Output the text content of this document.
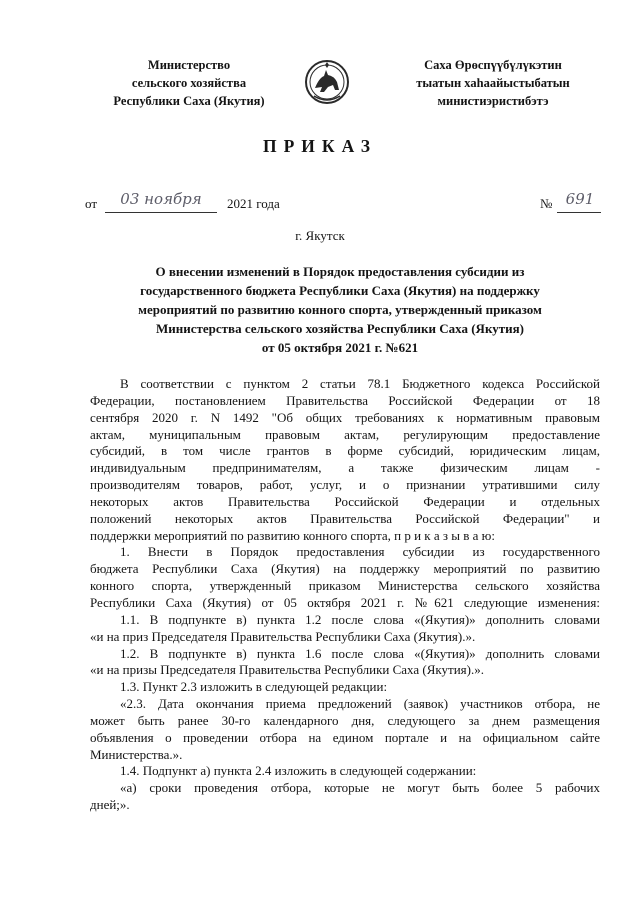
Министерство
сельского хозяйства
Республики Саха (Якутия)
Саха Өрөспүүбүлүкэтин
тыатын хаһаайыстыбатын
министиэристибэтэ
ПРИКАЗ
от	03 ноября	2021 года	№ 691
г. Якутск
О внесении изменений в Порядок предоставления субсидии из
государственного бюджета Республики Саха (Якутия) на поддержку
мероприятий по развитию конного спорта, утвержденный приказом
Министерства сельского хозяйства Республики Саха (Якутия)
от 05 октября 2021 г. №621
В соответствии с пунктом 2 статьи 78.1 Бюджетного кодекса Российской
Федерации, постановлением Правительства Российской Федерации от 18
сентября 2020 г. N 1492 "Об общих требованиях к нормативным правовым
актам, муниципальным правовым актам, регулирующим предоставление
субсидий, в том числе грантов в форме субсидий, юридическим лицам,
индивидуальным предпринимателям, а также физическим лицам -
производителям товаров, работ, услуг, и о признании утратившими силу
некоторых актов Правительства Российской Федерации и отдельных
положений некоторых актов Правительства Российской Федерации" и
поддержки мероприятий по развитию конного спорта, п р и к а з ы в а ю:
1. Внести в Порядок предоставления субсидии из государственного
бюджета Республики Саха (Якутия) на поддержку мероприятий по развитию
конного спорта, утвержденный приказом Министерства сельского хозяйства
Республики Саха (Якутия) от 05 октября 2021 г. №621 следующие изменения:
1.1. В подпункте в) пункта 1.2 после слова «(Якутия)» дополнить словами
«и на приз Председателя Правительства Республики Саха (Якутия).».
1.2. В подпункте в) пункта 1.6 после слова «(Якутия)» дополнить словами
«и на призы Председателя Правительства Республики Саха (Якутия).».
1.3. Пункт 2.3 изложить в следующей редакции:
«2.3. Дата окончания приема предложений (заявок) участников отбора, не
может быть ранее 30-го календарного дня, следующего за днем размещения
объявления о проведении отбора на едином портале и на официальном сайте
Министерства.».
1.4. Подпункт а) пункта 2.4 изложить в следующей содержании:
«а) сроки проведения отбора, которые не могут быть более 5 рабочих
дней;».
